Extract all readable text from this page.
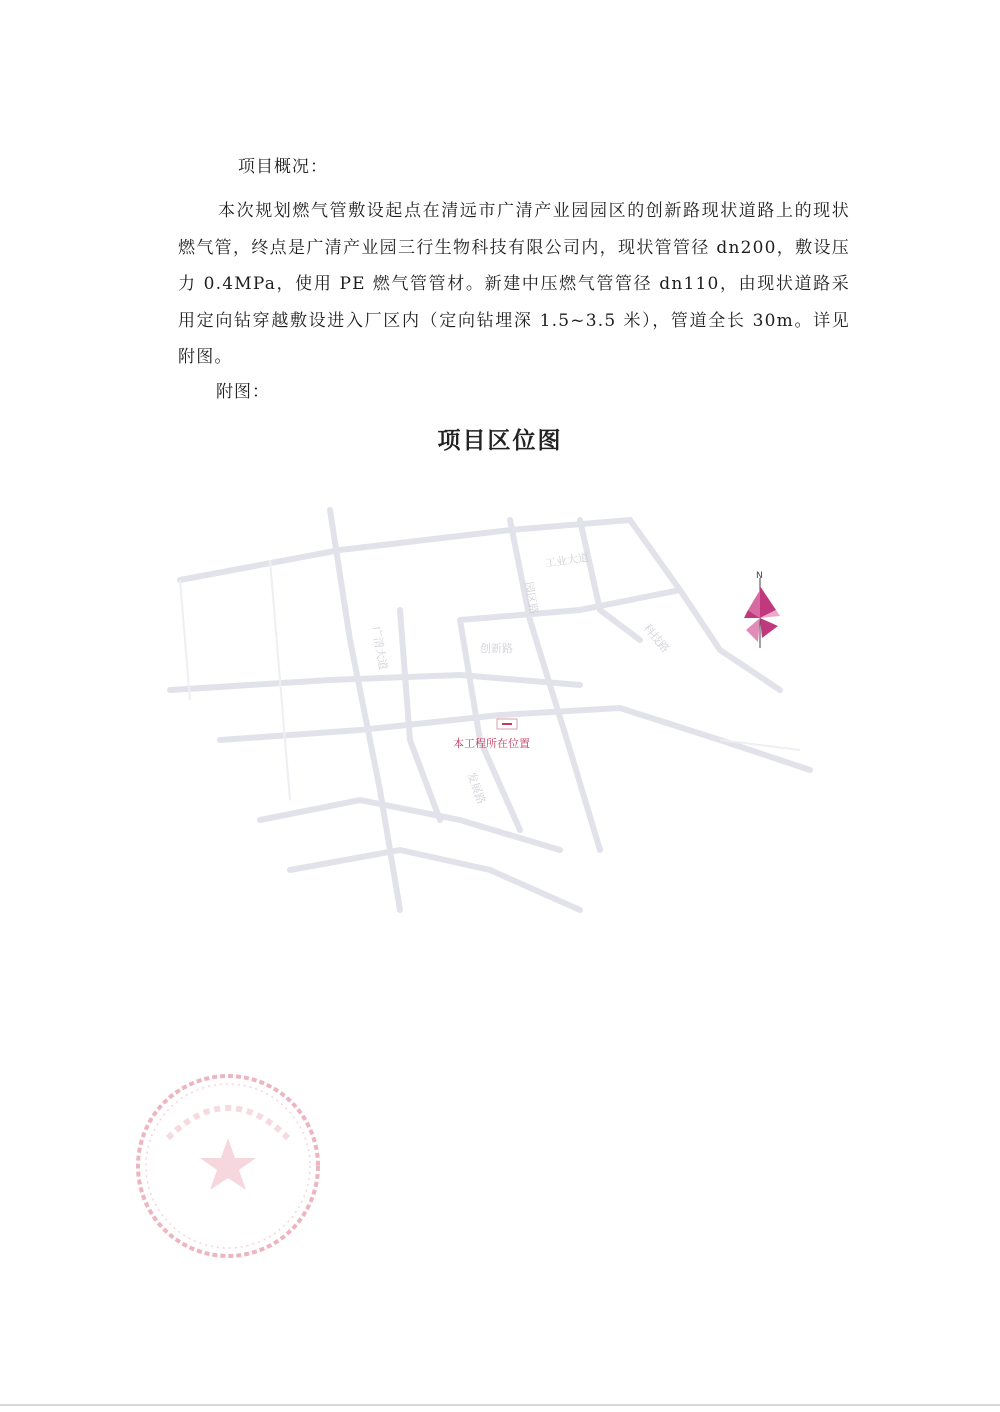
项目概况：

本次规划燃气管敷设起点在清远市广清产业园园区的创新路现状道路上的现状燃气管，终点是广清产业园三行生物科技有限公司内，现状管管径 dn200，敷设压力 0.4MPa，使用 PE 燃气管管材。新建中压燃气管管径 dn110，由现状道路采用定向钻穿越敷设进入厂区内（定向钻埋深 1.5~3.5 米），管道全长 30m。详见附图。

附图：
项目区位图
广清大道	创新路
园区路
发展路
工业大道
科技路
本工程所在位置
N
